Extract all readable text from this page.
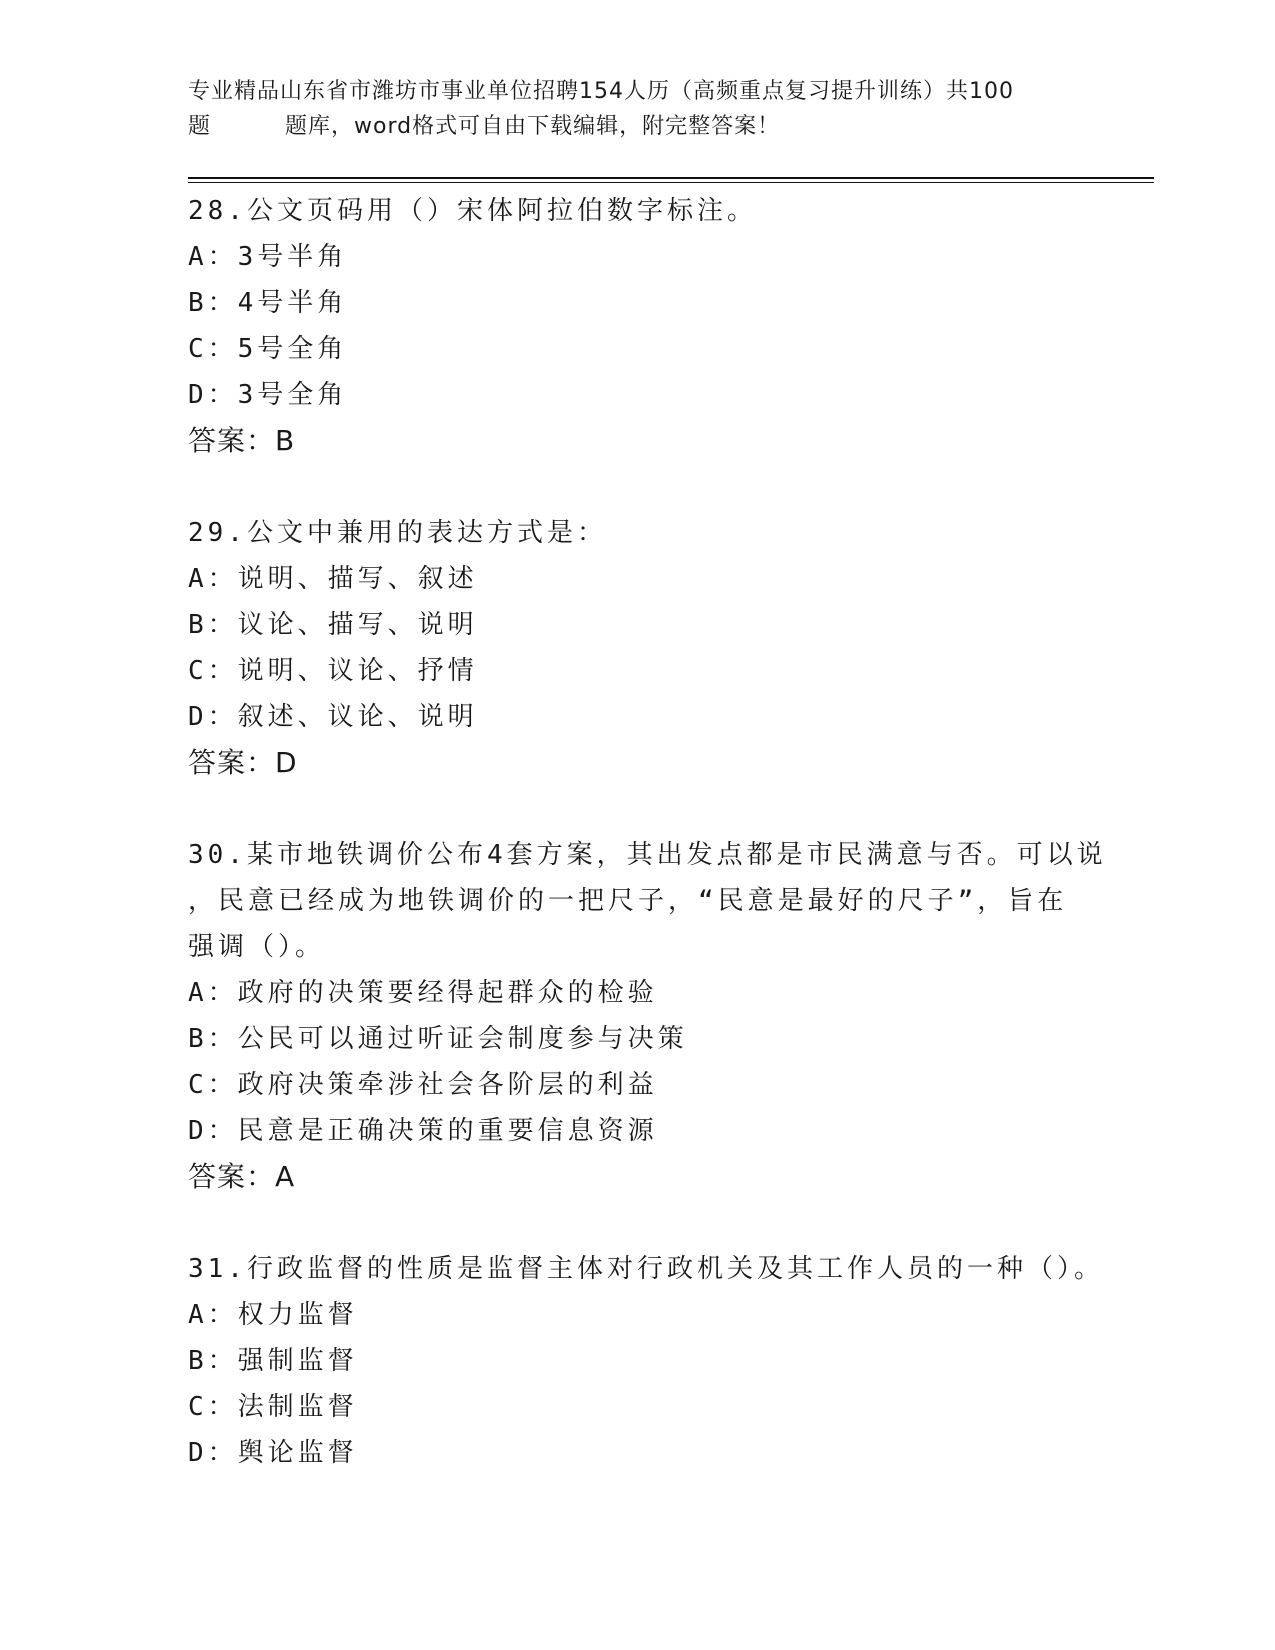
专业精品山东省市潍坊市事业单位招聘154人历（高频重点复习提升训练）共100
题	题库，word格式可自由下载编辑，附完整答案！
28.公文页码用（）宋体阿拉伯数字标注。
A：3号半角
B：4号半角
C：5号全角
D：3号全角
答案：B
29.公文中兼用的表达方式是：
A：说明、描写、叙述
B：议论、描写、说明
C：说明、议论、抒情
D：叙述、议论、说明
答案：D
30.某市地铁调价公布4套方案，其出发点都是市民满意与否。可以说
，民意已经成为地铁调价的一把尺子，“民意是最好的尺子”，旨在
强调（）。
A：政府的决策要经得起群众的检验
B：公民可以通过听证会制度参与决策
C：政府决策牵涉社会各阶层的利益
D：民意是正确决策的重要信息资源
答案：A
31.行政监督的性质是监督主体对行政机关及其工作人员的一种（）。
A：权力监督
B：强制监督
C：法制监督
D：舆论监督
